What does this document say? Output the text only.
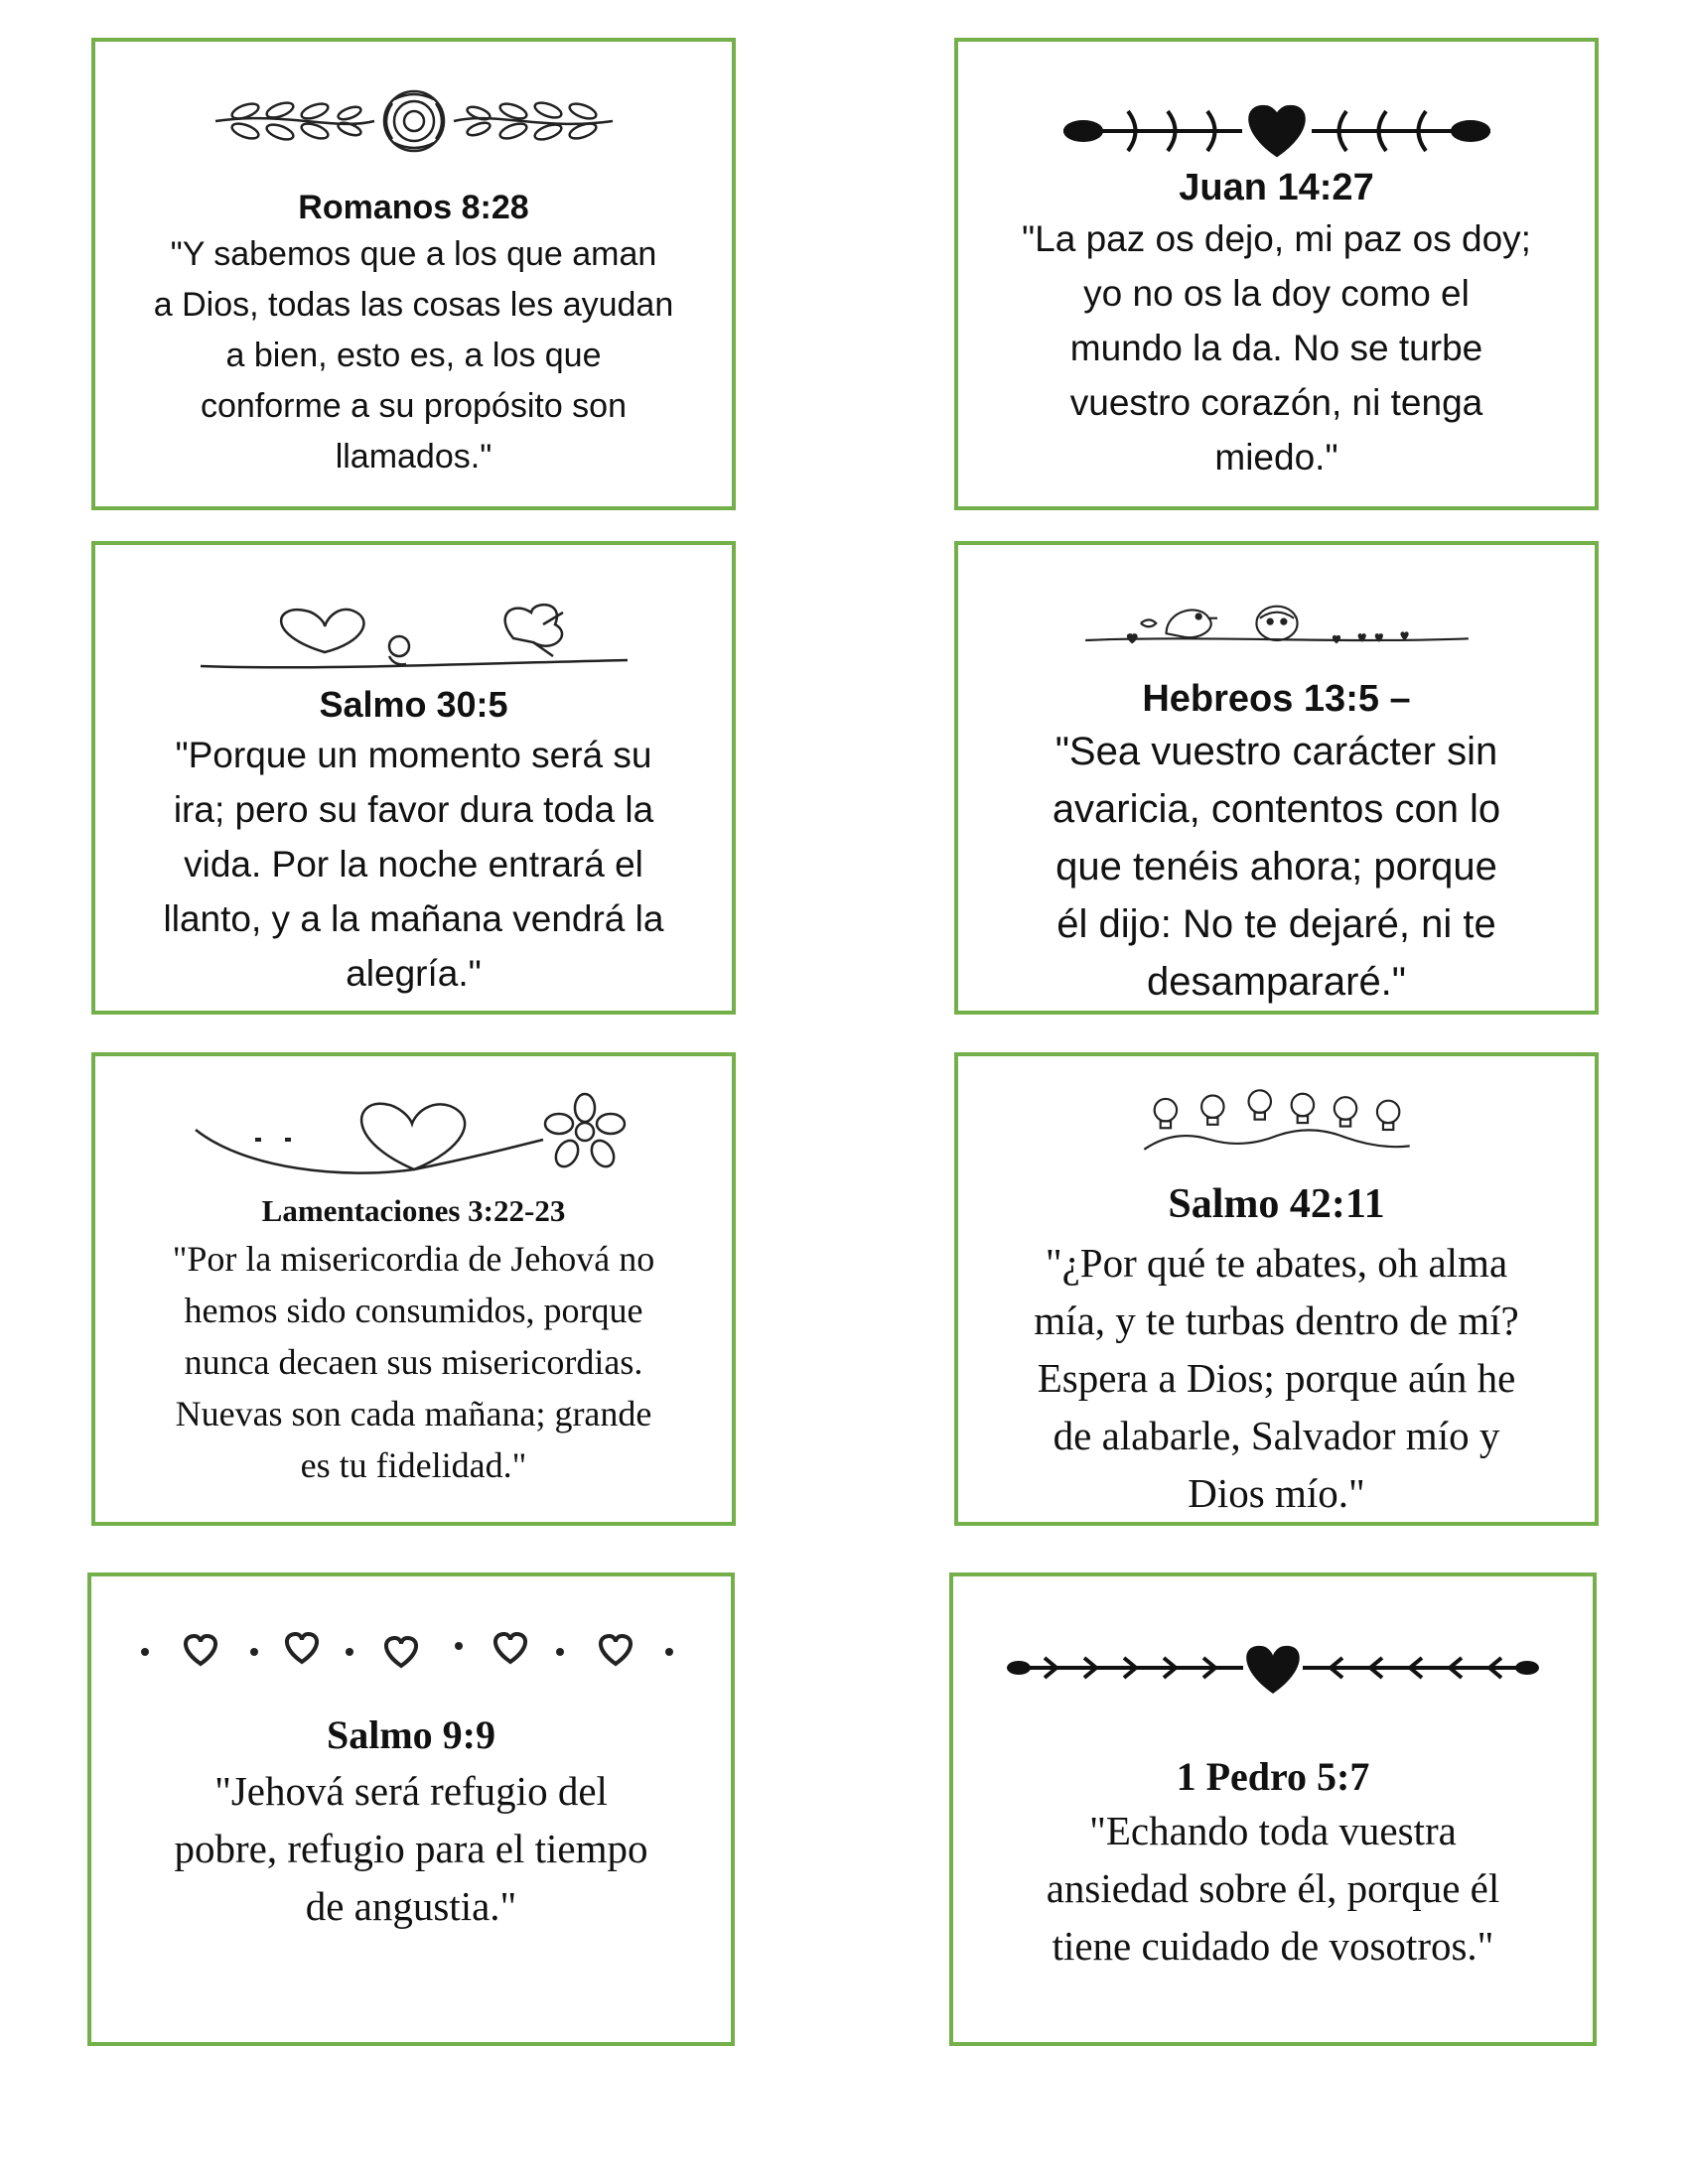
Romanos 8:28
"Y sabemos que a los que aman
a Dios, todas las cosas les ayudan
a bien, esto es, a los que
conforme a su propósito son
llamados."
Juan 14:27
"La paz os dejo, mi paz os doy;
yo no os la doy como el
mundo la da. No se turbe
vuestro corazón, ni tenga
miedo."
Salmo 30:5
"Porque un momento será su
ira; pero su favor dura toda la
vida. Por la noche entrará el
llanto, y a la mañana vendrá la
alegría."
Hebreos 13:5 –
"Sea vuestro carácter sin
avaricia, contentos con lo
que tenéis ahora; porque
él dijo: No te dejaré, ni te
desampararé."
Lamentaciones 3:22-23
"Por la misericordia de Jehová no
hemos sido consumidos, porque
nunca decaen sus misericordias.
Nuevas son cada mañana; grande
es tu fidelidad."
Salmo 42:11
"¿Por qué te abates, oh alma
mía, y te turbas dentro de mí?
Espera a Dios; porque aún he
de alabarle, Salvador mío y
Dios mío."
Salmo 9:9
"Jehová será refugio del
pobre, refugio para el tiempo
de angustia."
1 Pedro 5:7
"Echando toda vuestra
ansiedad sobre él, porque él
tiene cuidado de vosotros."
